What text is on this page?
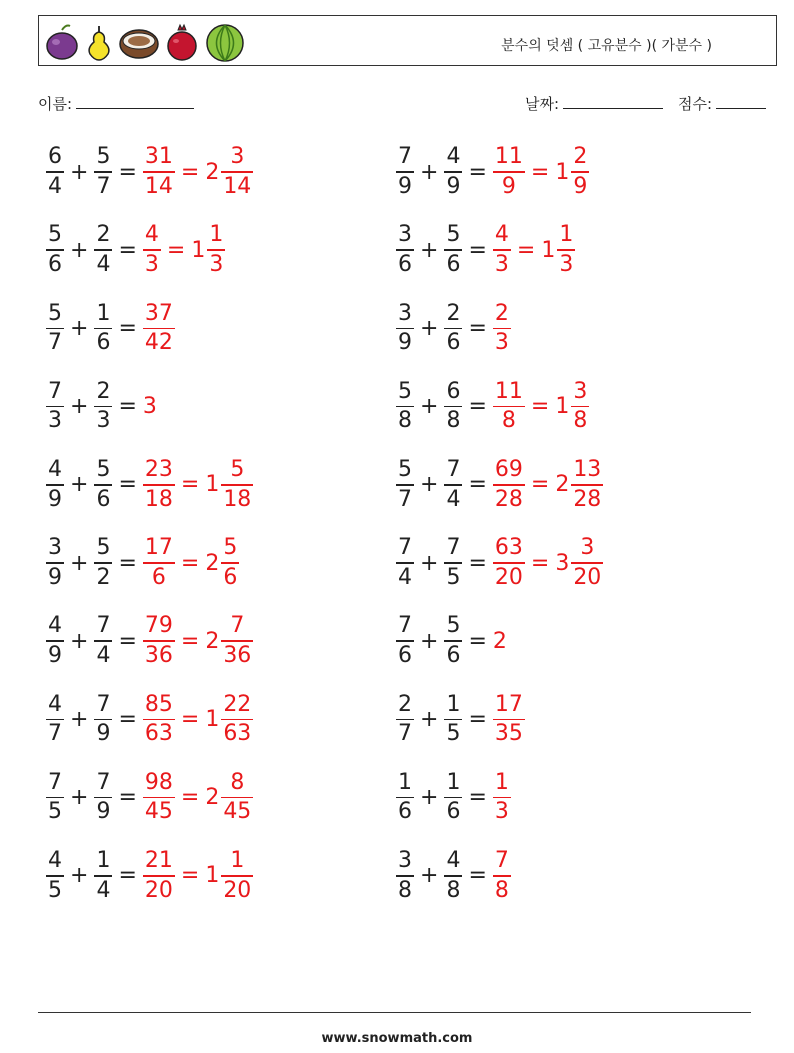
분수의 덧셈 ( 고유분수 )( 가분수 )
이름:	날짜:	점수:
$\frac{6}{4} + \frac{5}{7} = \frac{31}{14} = 2 \frac{3}{14}$	$\frac{7}{9} + \frac{4}{9} = \frac{11}{9} = 1 \frac{2}{9}$
$\frac{5}{6} + \frac{2}{4} = \frac{4}{3} = 1 \frac{1}{3}$	$\frac{3}{6} + \frac{5}{6} = \frac{4}{3} = 1 \frac{1}{3}$
$\frac{5}{7} + \frac{1}{6} = \frac{37}{42}$	$\frac{3}{9} + \frac{2}{6} = \frac{2}{3}$
$\frac{7}{3} + \frac{2}{3} = 3$	$\frac{5}{8} + \frac{6}{8} = \frac{11}{8} = 1 \frac{3}{8}$
$\frac{4}{9} + \frac{5}{6} = \frac{23}{18} = 1 \frac{5}{18}$	$\frac{5}{7} + \frac{7}{4} = \frac{69}{28} = 2 \frac{13}{28}$
$\frac{3}{9} + \frac{5}{2} = \frac{17}{6} = 2 \frac{5}{6}$	$\frac{7}{4} + \frac{7}{5} = \frac{63}{20} = 3 \frac{3}{20}$
$\frac{4}{9} + \frac{7}{4} = \frac{79}{36} = 2 \frac{7}{36}$	$\frac{7}{6} + \frac{5}{6} = 2$
$\frac{4}{7} + \frac{7}{9} = \frac{85}{63} = 1 \frac{22}{63}$	$\frac{2}{7} + \frac{1}{5} = \frac{17}{35}$
$\frac{7}{5} + \frac{7}{9} = \frac{98}{45} = 2 \frac{8}{45}$	$\frac{1}{6} + \frac{1}{6} = \frac{1}{3}$
$\frac{4}{5} + \frac{1}{4} = \frac{21}{20} = 1 \frac{1}{20}$	$\frac{3}{8} + \frac{4}{8} = \frac{7}{8}$
www.snowmath.com
